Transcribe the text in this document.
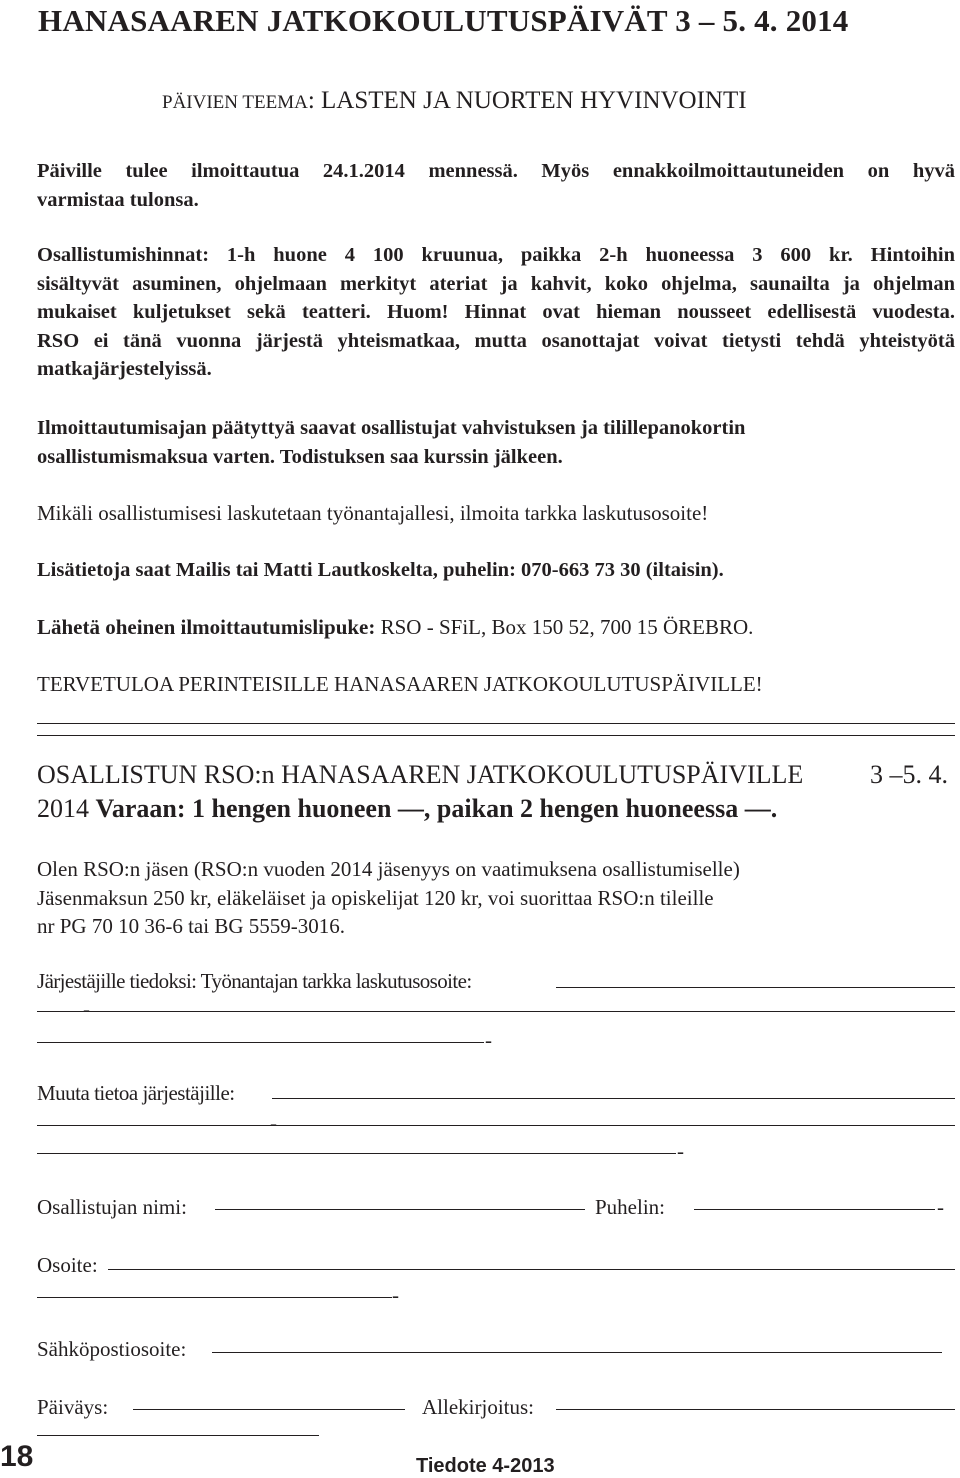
HANASAAREN JATKOKOULUTUSPÄIVÄT 3 – 5. 4. 2014
PÄIVIEN TEEMA: LASTEN JA NUORTEN HYVINVOINTI
Päiville tulee ilmoittautua 24.1.2014 mennessä. Myös ennakkoilmoittautuneiden on hyvä
varmistaa tulonsa.
Osallistumishinnat: 1-h huone 4 100 kruunua, paikka 2-h huoneessa 3 600 kr. Hintoihin
sisältyvät asuminen, ohjelmaan merkityt ateriat ja kahvit, koko ohjelma, saunailta ja ohjelman
mukaiset kuljetukset sekä teatteri. Huom! Hinnat ovat hieman nousseet edellisestä vuodesta.
RSO ei tänä vuonna järjestä yhteismatkaa, mutta osanottajat voivat tietysti tehdä yhteistyötä
matkajärjestelyissä.
Ilmoittautumisajan päätyttyä saavat osallistujat vahvistuksen ja tilillepanokortin
osallistumismaksua varten. Todistuksen saa kurssin jälkeen.
Mikäli osallistumisesi laskutetaan työnantajallesi, ilmoita tarkka laskutusosoite!
Lisätietoja saat Mailis tai Matti Lautkoskelta, puhelin: 070-663 73 30 (iltaisin).
Lähetä oheinen ilmoittautumislipuke: RSO - SFiL, Box 150 52, 700 15 ÖREBRO.
TERVETULOA PERINTEISILLE HANASAAREN JATKOKOULUTUSPÄIVILLE!
OSALLISTUN RSO:n HANASAAREN JATKOKOULUTUSPÄIVILLE	3 –5. 4.
2014 Varaan: 1 hengen huoneen —, paikan 2 hengen huoneessa —.
Olen RSO:n jäsen (RSO:n vuoden 2014 jäsenyys on vaatimuksena osallistumiselle)
Jäsenmaksun 250 kr, eläkeläiset ja opiskelijat 120 kr, voi suorittaa RSO:n tileille
nr PG 70 10 36-6 tai BG 5559-3016.
Järjestäjille tiedoksi: Työnantajan tarkka laskutusosoite:
-
-
Muuta tietoa järjestäjille:
-
-
Osallistujan nimi:	Puhelin:	-
Osoite:
-
Sähköpostiosoite:
Päiväys:	Allekirjoitus:
18	Tiedote 4-2013
